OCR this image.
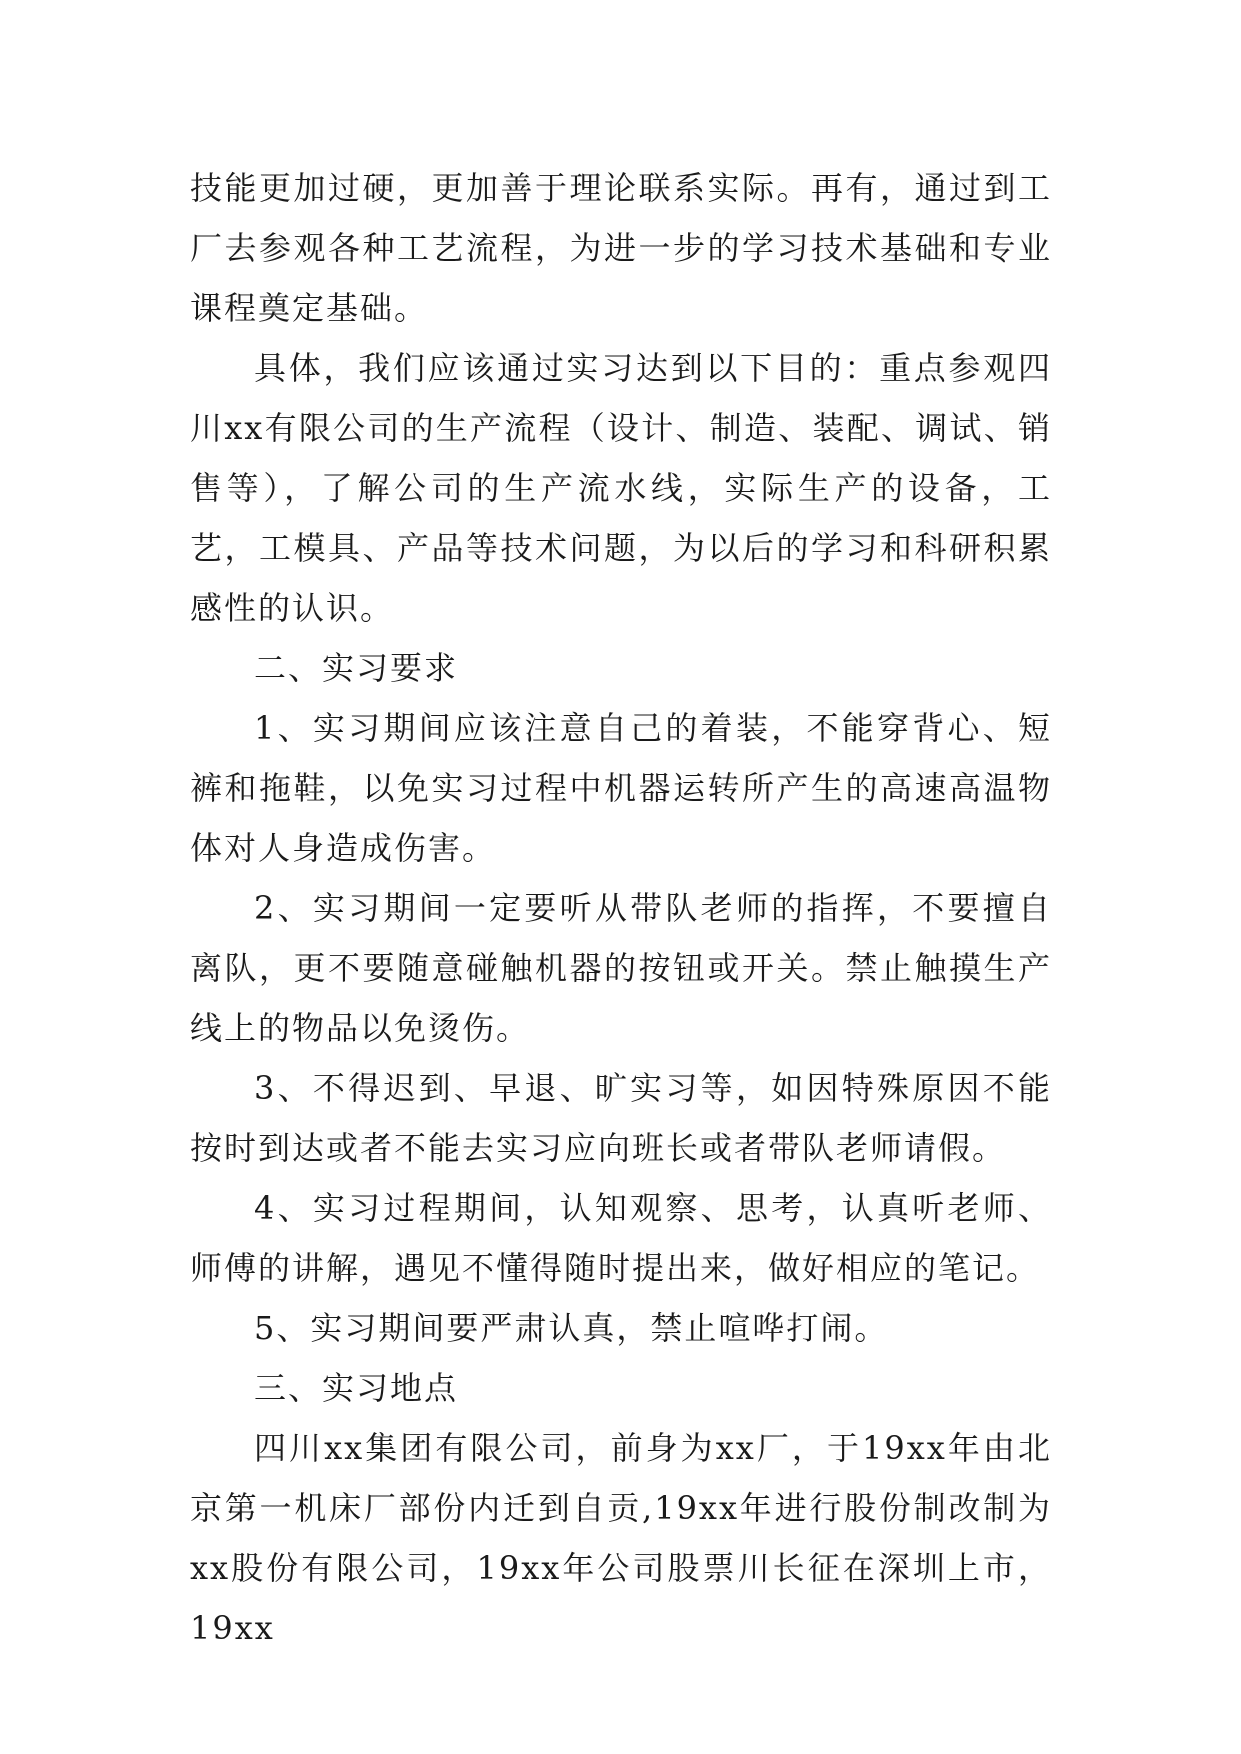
技能更加过硬，更加善于理论联系实际。再有，通过到工厂去参观各种工艺流程，为进一步的学习技术基础和专业课程奠定基础。

具体，我们应该通过实习达到以下目的：重点参观四川xx有限公司的生产流程（设计、制造、装配、调试、销售等），了解公司的生产流水线，实际生产的设备，工艺，工模具、产品等技术问题，为以后的学习和科研积累感性的认识。

二、实习要求

1、实习期间应该注意自己的着装，不能穿背心、短裤和拖鞋，以免实习过程中机器运转所产生的高速高温物体对人身造成伤害。

2、实习期间一定要听从带队老师的指挥，不要擅自离队，更不要随意碰触机器的按钮或开关。禁止触摸生产线上的物品以免烫伤。

3、不得迟到、早退、旷实习等，如因特殊原因不能按时到达或者不能去实习应向班长或者带队老师请假。

4、实习过程期间，认知观察、思考，认真听老师、师傅的讲解，遇见不懂得随时提出来，做好相应的笔记。

5、实习期间要严肃认真，禁止喧哗打闹。

三、实习地点

四川xx集团有限公司，前身为xx厂，于19xx年由北京第一机床厂部份内迁到自贡,19xx年进行股份制改制为xx股份有限公司，19xx年公司股票川长征在深圳上市，19xx
